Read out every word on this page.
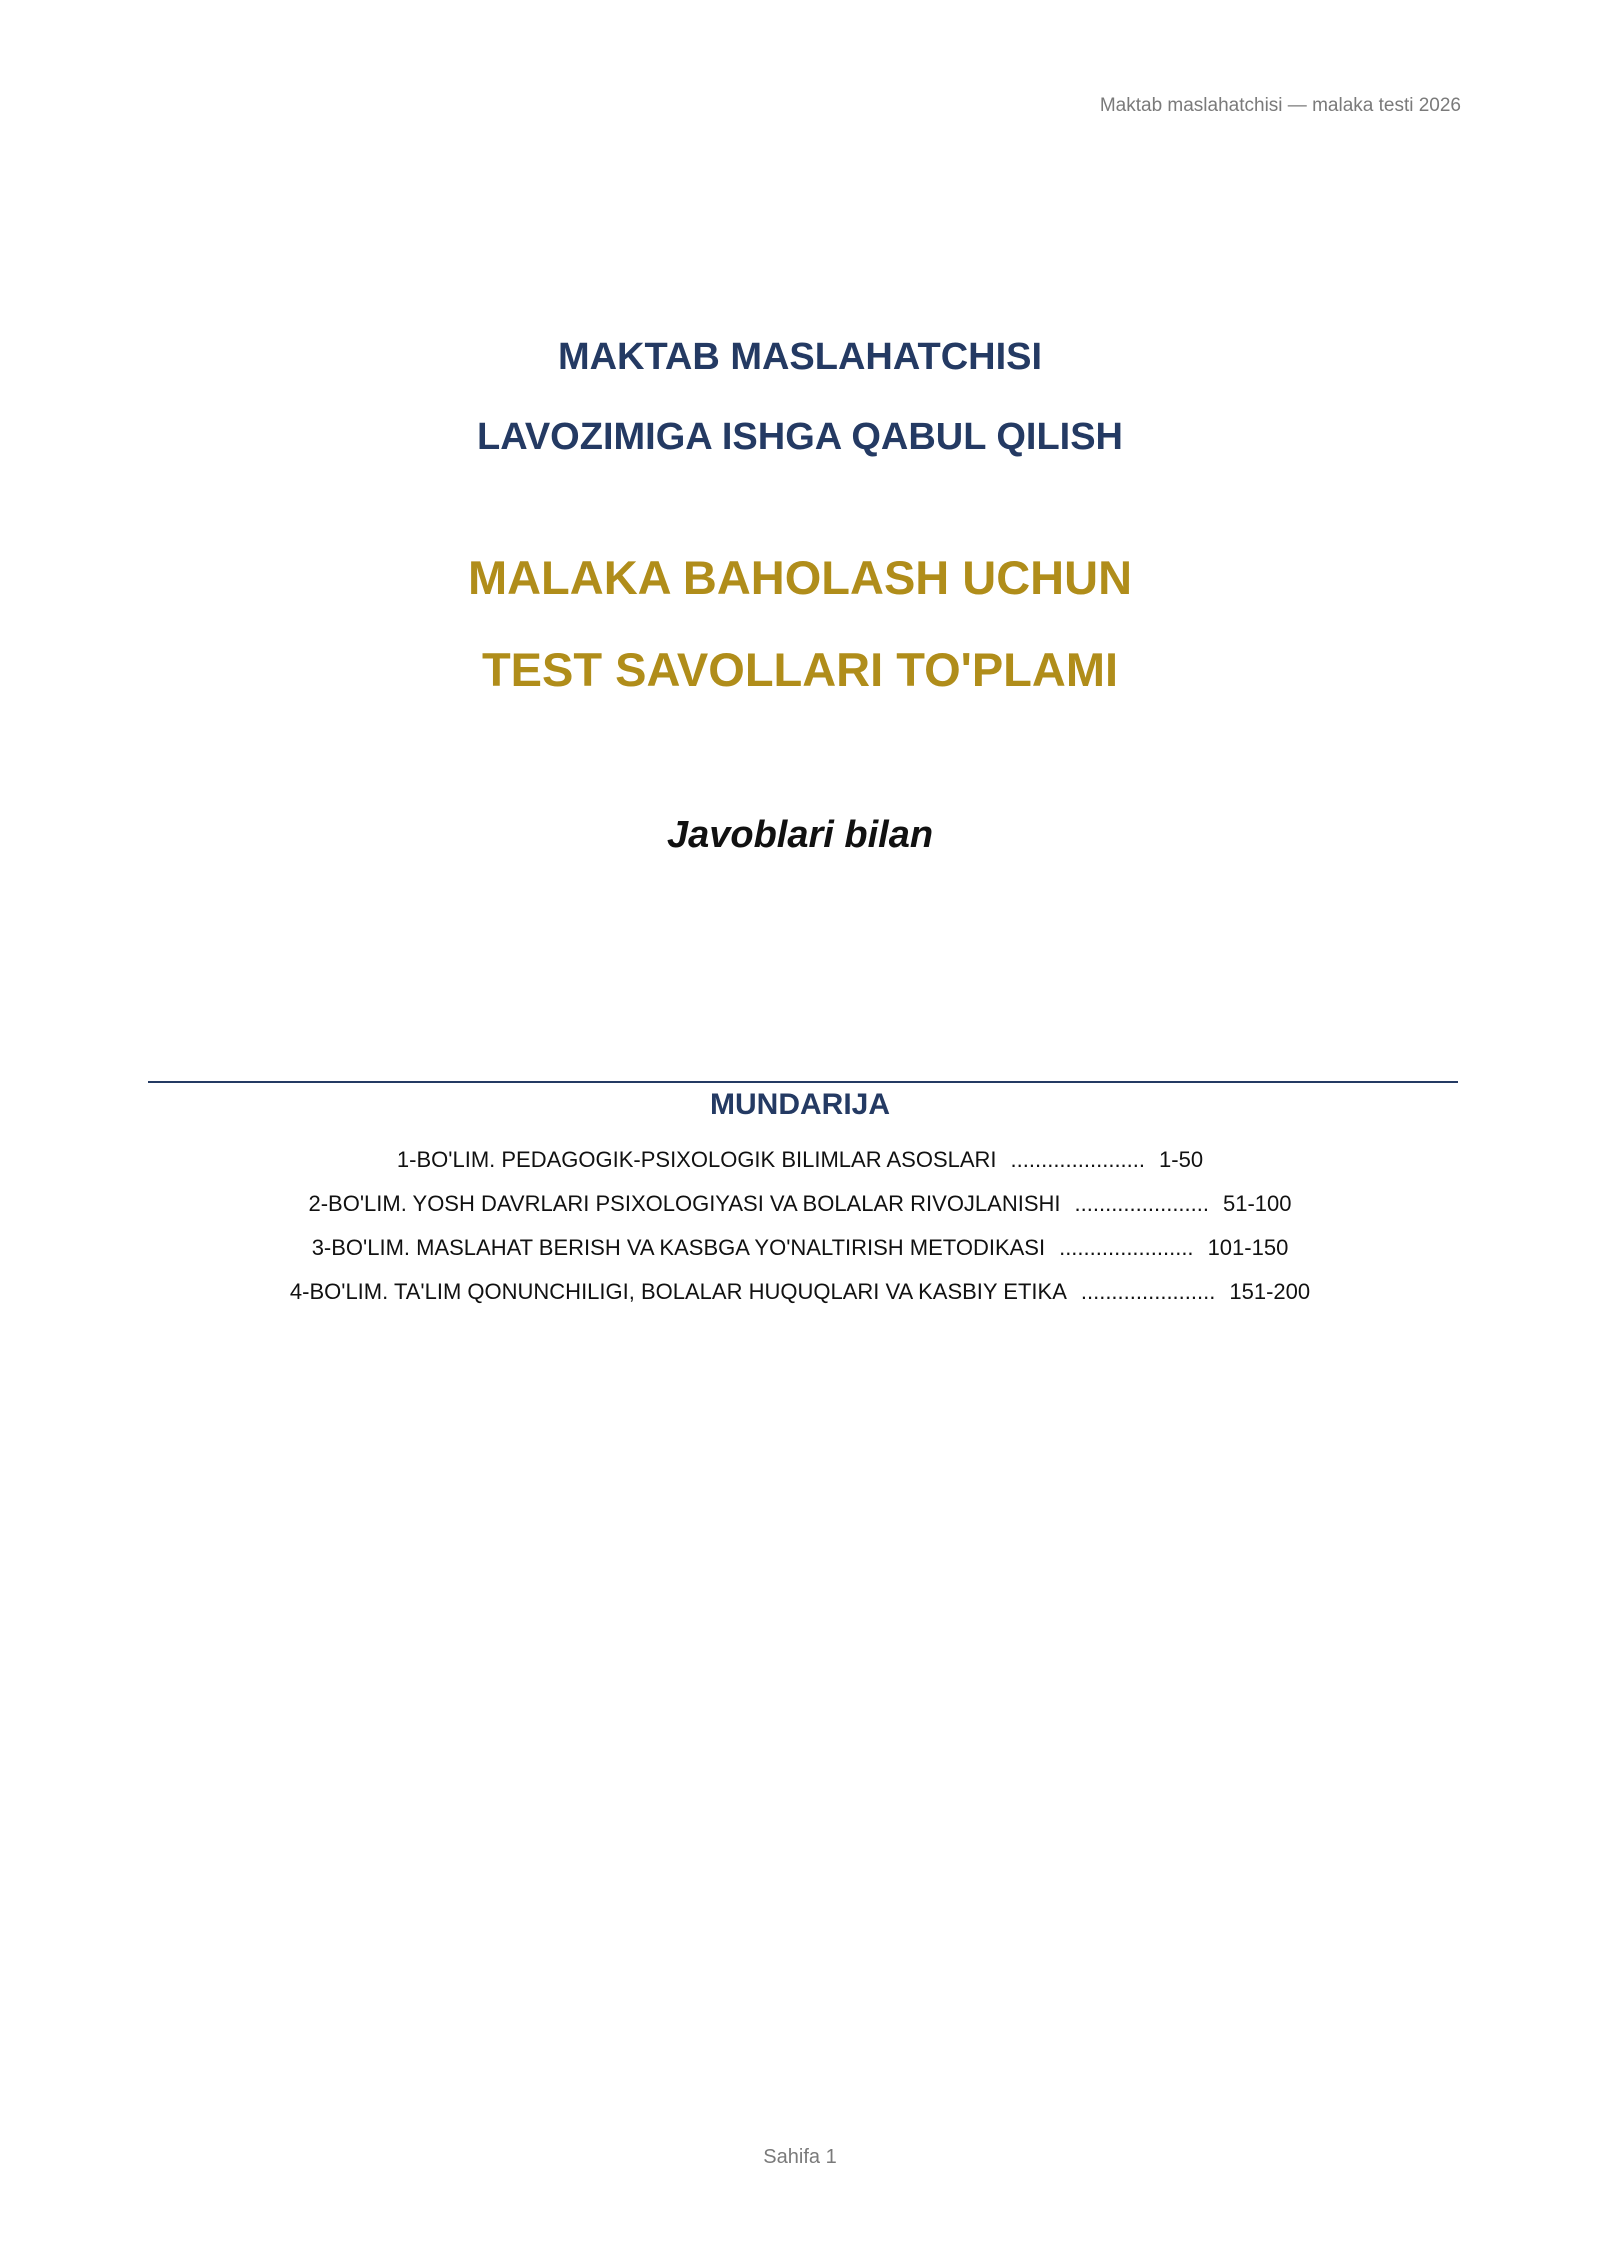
Maktab maslahatchisi — malaka testi 2026
MAKTAB MASLAHATCHISI
LAVOZIMIGA ISHGA QABUL QILISH
MALAKA BAHOLASH UCHUN
TEST SAVOLLARI TO'PLAMI
Javoblari bilan
MUNDARIJA
1-BO'LIM. PEDAGOGIK-PSIXOLOGIK BILIMLAR ASOSLARI ...................... 1-50
2-BO'LIM. YOSH DAVRLARI PSIXOLOGIYASI VA BOLALAR RIVOJLANISHI ...................... 51-100
3-BO'LIM. MASLAHAT BERISH VA KASBGA YO'NALTIRISH METODIKASI ...................... 101-150
4-BO'LIM. TA'LIM QONUNCHILIGI, BOLALAR HUQUQLARI VA KASBIY ETIKA ...................... 151-200
Sahifa 1
